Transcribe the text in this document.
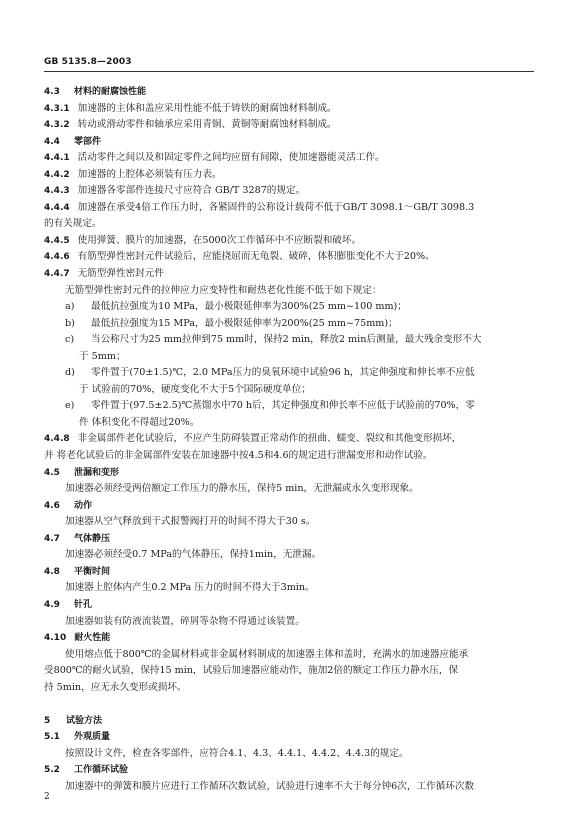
GB 5135.8—2003
4.3 材料的耐腐蚀性能
4.3.1 加速器的主体和盖应采用性能不低于铸铁的耐腐蚀材料制成。
4.3.2 转动或滑动零件和轴承应采用青铜、黄铜等耐腐蚀材料制成。
4.4 零部件
4.4.1 活动零件之间以及和固定零件之间均应留有间隙，使加速器能灵活工作。
4.4.2 加速器的上腔体必须装有压力表。
4.4.3 加速器各零部件连接尺寸应符合 GB/T 3287的规定。
4.4.4 加速器在承受4倍工作压力时，各紧固件的公称设计载荷不低于GB/T 3098.1～GB/T 3098.3
的有关规定。
4.4.5 使用弹簧、膜片的加速器，在5000次工作循环中不应断裂和破坏。
4.4.6 有筋型弹性密封元件试验后，应能挠屈而无龟裂、破碎，体积膨胀变化不大于20%。
4.4.7 无筋型弹性密封元件
无筋型弹性密封元件的拉伸应力应变特性和耐热老化性能不低于如下规定：
a) 最低抗拉强度为10 MPa，最小极限延伸率为300%(25 mm~100 mm)；
b) 最低抗拉强度为15 MPa，最小极限延伸率为200%(25 mm~75mm)；
c) 当公称尺寸为25 mm拉伸到75 mm时，保持2 min，释放2 min后测量，最大残余变形不大
于 5mm；
d) 零件置于(70±1.5)℃，2.0 MPa压力的臭氧环境中试验96 h，其定伸强度和伸长率不应低
于 试验前的70%，硬度变化不大于5个国际硬度单位；
e) 零件置于(97.5±2.5)℃蒸馏水中70 h后，其定伸强度和伸长率不应低于试验前的70%，零
件 体积变化不得超过20%。
4.4.8 非金属部件老化试验后，不应产生防碍装置正常动作的扭曲、蠕变、裂纹和其他变形损坏，
并 将老化试验后的非金属部件安装在加速器中按4.5和4.6的规定进行泄漏变形和动作试验。
4.5 泄漏和变形
加速器必须经受两倍额定工作压力的静水压，保持5 min，无泄漏或永久变形现象。
4.6 动作
加速器从空气释放到干式报警阀打开的时间不得大于30 s。
4.7 气体静压
加速器必须经受0.7 MPa的气体静压，保持1min，无泄漏。
4.8 平衡时间
加速器上腔体内产生0.2 MPa 压力的时间不得大于3min。
4.9 针孔
加速器如装有防液流装置，碎屑等杂物不得通过该装置。
4.10 耐火性能
使用熔点低于800℃的金属材料或非金属材料制成的加速器主体和盖时，充满水的加速器应能承
受800℃的耐火试验，保持15 min，试验后加速器应能动作，施加2倍的额定工作压力静水压，保
持 5min，应无永久变形或损坏。
5 试验方法
5.1 外观质量
按照设计文件，检查各零部件，应符合4.1、4.3、4.4.1、4.4.2、4.4.3的规定。
5.2 工作循环试验
加速器中的弹簧和膜片应进行工作循环次数试验，试验进行速率不大于每分钟6次，工作循环次数
2
